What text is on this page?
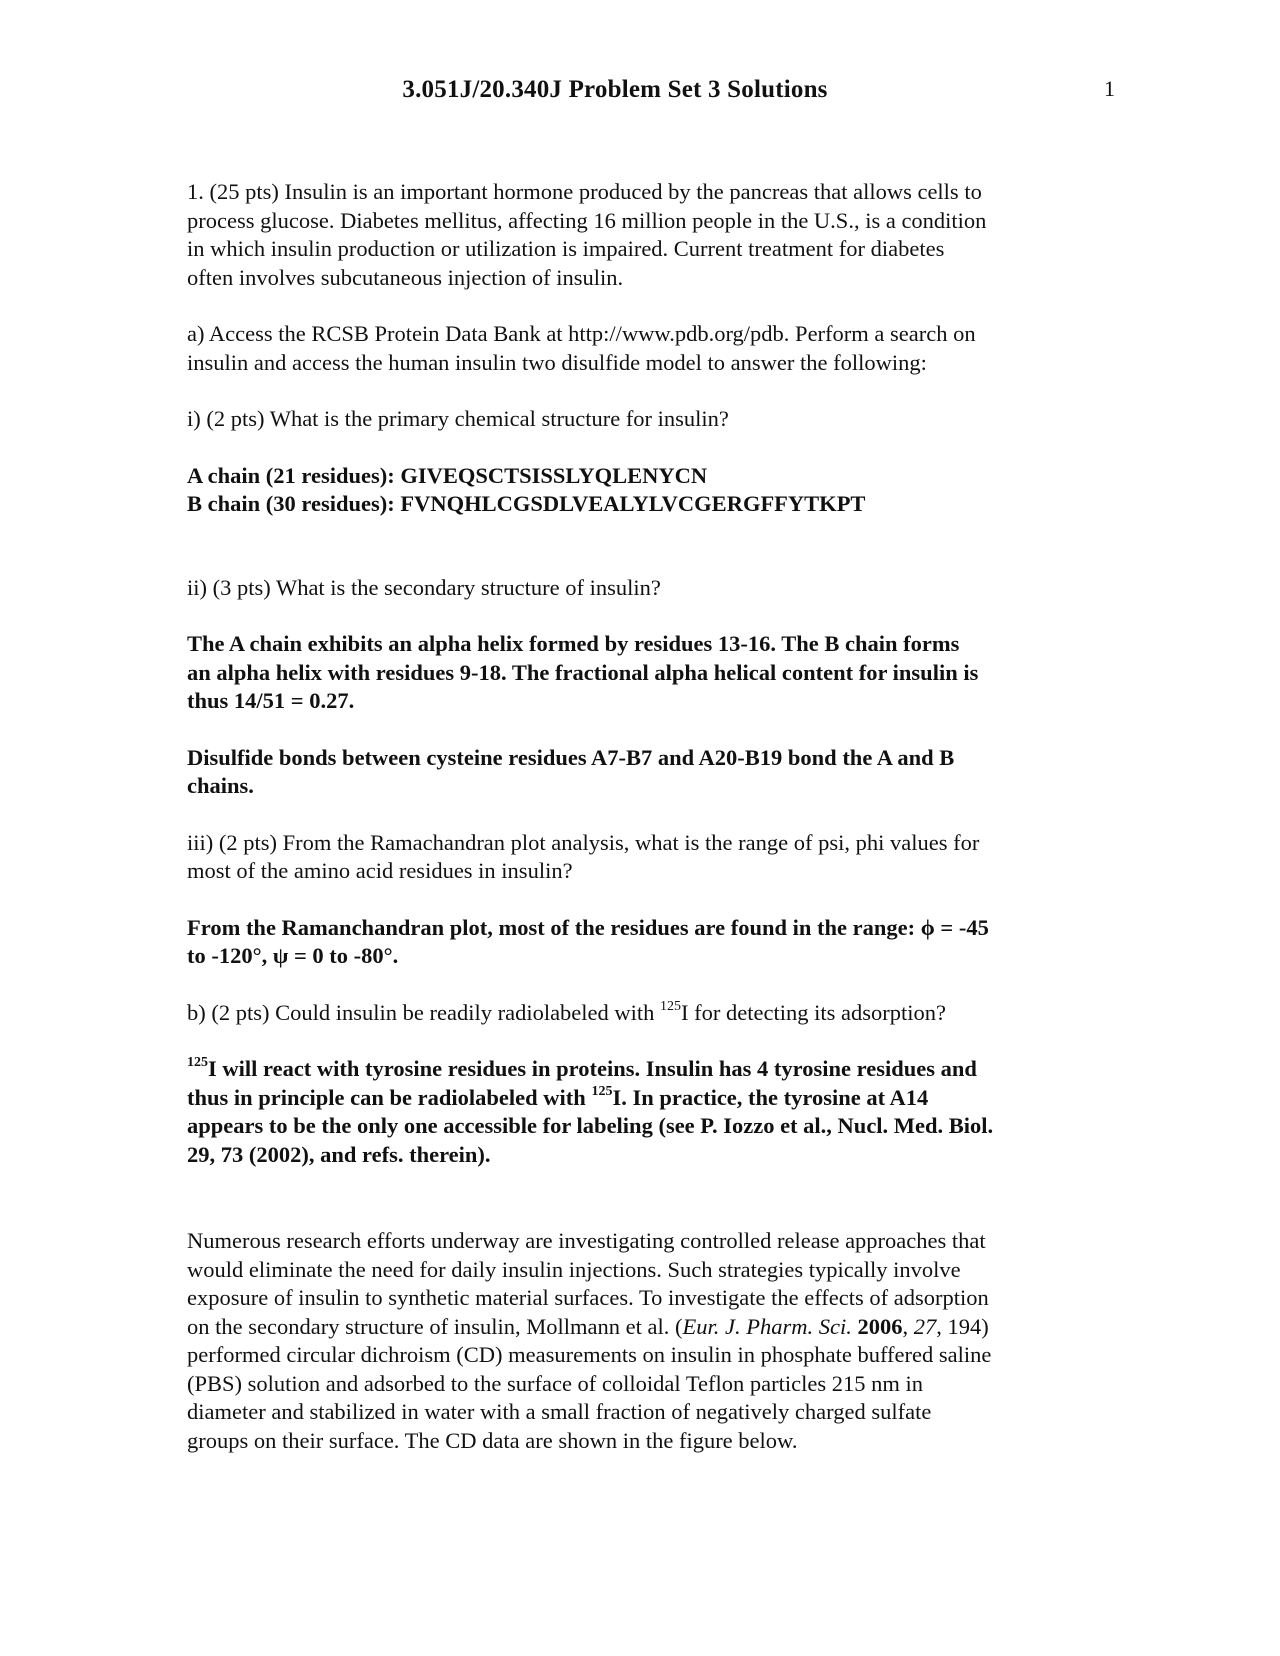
3.051J/20.340J Problem Set 3 Solutions	1

1. (25 pts) Insulin is an important hormone produced by the pancreas that allows cells to
process glucose. Diabetes mellitus, affecting 16 million people in the U.S., is a condition
in which insulin production or utilization is impaired. Current treatment for diabetes
often involves subcutaneous injection of insulin.

a) Access the RCSB Protein Data Bank at http://www.pdb.org/pdb. Perform a search on
insulin and access the human insulin two disulfide model to answer the following:

i) (2 pts) What is the primary chemical structure for insulin?

A chain (21 residues): GIVEQSCTSISSLYQLENYCN
B chain (30 residues): FVNQHLCGSDLVEALYLVCGERGFFYTKPT

ii) (3 pts) What is the secondary structure of insulin?

The A chain exhibits an alpha helix formed by residues 13-16. The B chain forms
an alpha helix with residues 9-18. The fractional alpha helical content for insulin is
thus 14/51 = 0.27.

Disulfide bonds between cysteine residues A7-B7 and A20-B19 bond the A and B
chains.

iii) (2 pts) From the Ramachandran plot analysis, what is the range of psi, phi values for
most of the amino acid residues in insulin?

From the Ramanchandran plot, most of the residues are found in the range: ϕ = -45
to -120°, ψ = 0 to -80°.

b) (2 pts) Could insulin be readily radiolabeled with $^{125}$I for detecting its adsorption?

$^{125}$I will react with tyrosine residues in proteins. Insulin has 4 tyrosine residues and
thus in principle can be radiolabeled with $^{125}$I. In practice, the tyrosine at A14
appears to be the only one accessible for labeling (see P. Iozzo et al., Nucl. Med. Biol.
29, 73 (2002), and refs. therein).

Numerous research efforts underway are investigating controlled release approaches that
would eliminate the need for daily insulin injections. Such strategies typically involve
exposure of insulin to synthetic material surfaces. To investigate the effects of adsorption
on the secondary structure of insulin, Mollmann et al. (Eur. J. Pharm. Sci. 2006, 27, 194)
performed circular dichroism (CD) measurements on insulin in phosphate buffered saline
(PBS) solution and adsorbed to the surface of colloidal Teflon particles 215 nm in
diameter and stabilized in water with a small fraction of negatively charged sulfate
groups on their surface. The CD data are shown in the figure below.
